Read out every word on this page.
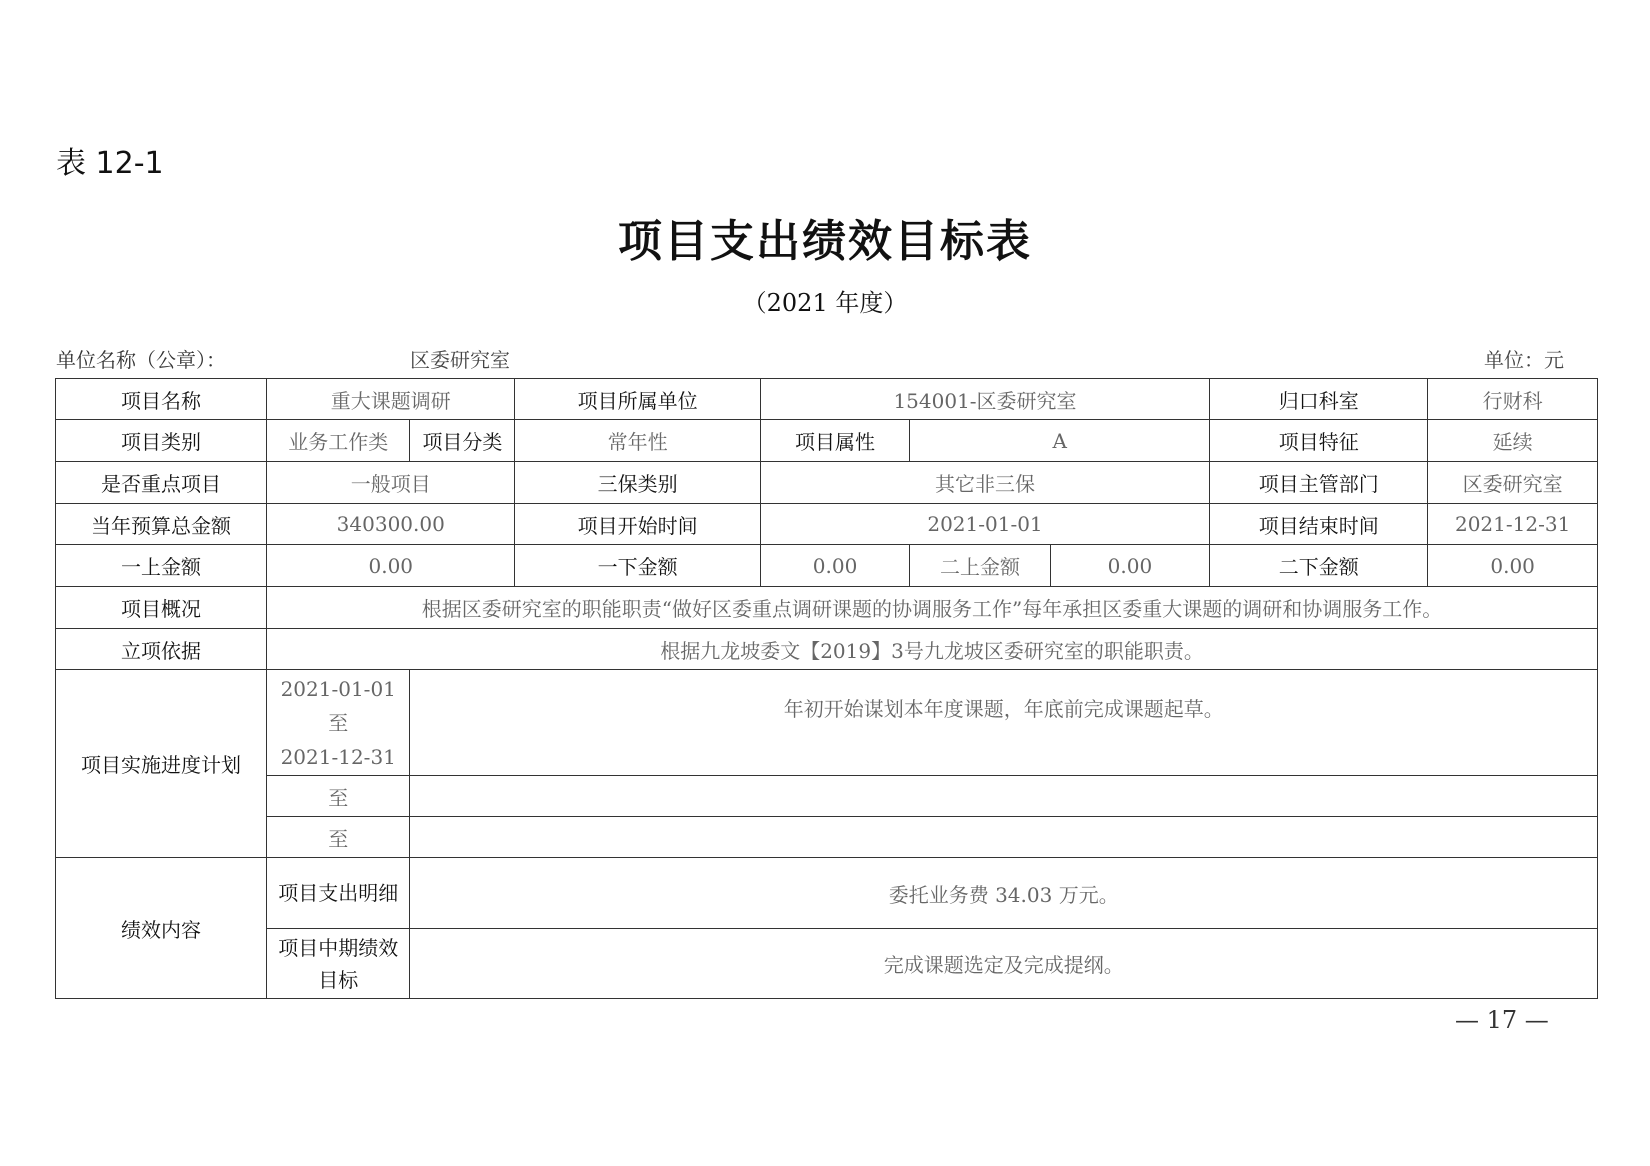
表 12-1
项目支出绩效目标表
（2021 年度）
单位名称（公章）：	区委研究室	单位：元
项目名称	重大课题调研		项目所属单位	154001-区委研究室			归口科室	行财科
项目类别	业务工作类	项目分类	常年性	项目属性	A		项目特征	延续
是否重点项目	一般项目		三保类别	其它非三保			项目主管部门	区委研究室
当年预算总金额	340300.00		项目开始时间	2021-01-01			项目结束时间	2021-12-31
一上金额	0.00		一下金额	0.00	二上金额	0.00	二下金额	0.00
项目概况	根据区委研究室的职能职责“做好区委重点调研课题的协调服务工作”每年承担区委重大课题的调研和协调服务工作。							
立项依据	根据九龙坡委文【2019】3号九龙坡区委研究室的职能职责。							
项目实施进度计划	2021-01-01
至
2021-12-31	年初开始谋划本年度课题，年底前完成课题起草。						
	至							
	至							
绩效内容	项目支出明细	委托业务费 34.03 万元。						
	项目中期绩效目标	完成课题选定及完成提纲。						
— 17 —
